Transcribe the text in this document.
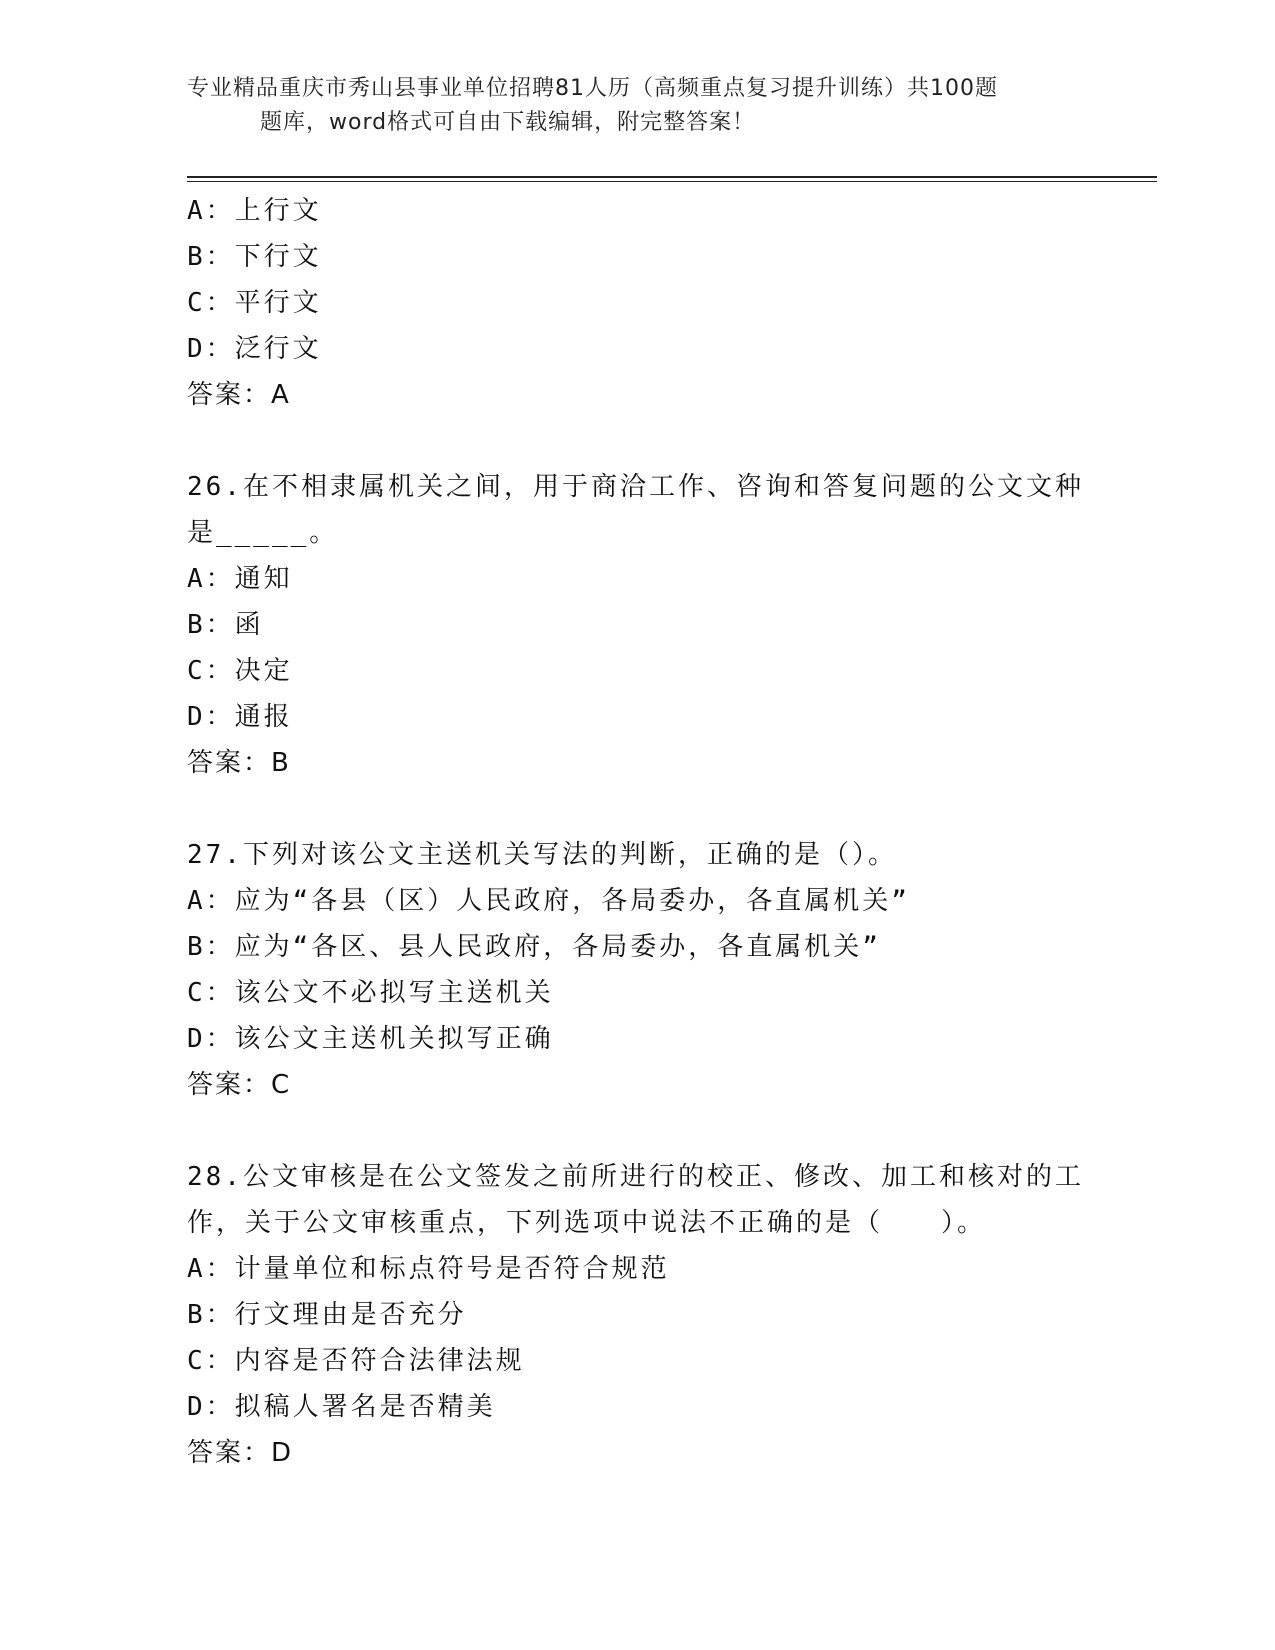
专业精品重庆市秀山县事业单位招聘81人历（高频重点复习提升训练）共100题
题库，word格式可自由下载编辑，附完整答案！
A：上行文
B：下行文
C：平行文
D：泛行文
答案：A
26.在不相隶属机关之间，用于商洽工作、咨询和答复问题的公文文种
是_____。
A：通知
B：函
C：决定
D：通报
答案：B
27.下列对该公文主送机关写法的判断，正确的是（）。
A：应为“各县（区）人民政府，各局委办，各直属机关”
B：应为“各区、县人民政府，各局委办，各直属机关”
C：该公文不必拟写主送机关
D：该公文主送机关拟写正确
答案：C
28.公文审核是在公文签发之前所进行的校正、修改、加工和核对的工
作，关于公文审核重点，下列选项中说法不正确的是（　　）。
A：计量单位和标点符号是否符合规范
B：行文理由是否充分
C：内容是否符合法律法规
D：拟稿人署名是否精美
答案：D
